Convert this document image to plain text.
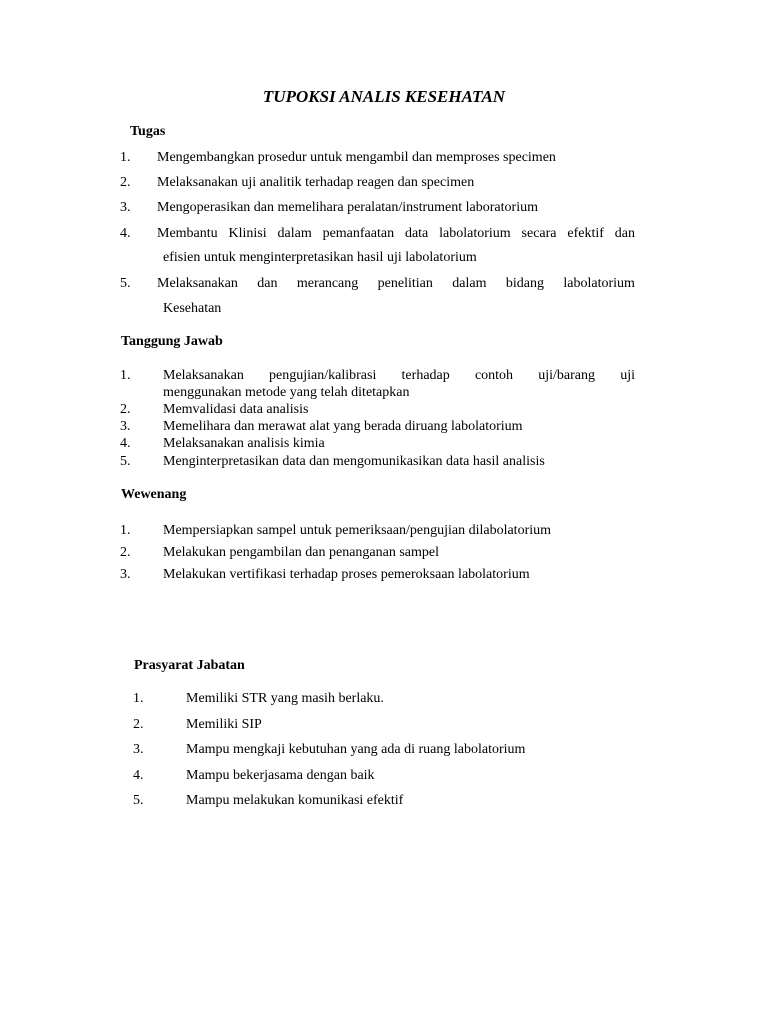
TUPOKSI ANALIS KESEHATAN
Tugas
1. Mengembangkan prosedur untuk mengambil dan memproses specimen
2. Melaksanakan uji analitik terhadap reagen dan specimen
3. Mengoperasikan dan memelihara peralatan/instrument laboratorium
4. Membantu Klinisi dalam pemanfaatan data labolatorium secara efektif dan
efisien untuk menginterpretasikan hasil uji labolatorium
5. Melaksanakan dan merancang penelitian dalam bidang labolatorium
Kesehatan
Tanggung Jawab
1. Melaksanakan pengujian/kalibrasi terhadap contoh uji/barang uji
menggunakan metode yang telah ditetapkan
2. Memvalidasi data analisis
3. Memelihara dan merawat alat yang berada diruang labolatorium
4. Melaksanakan analisis kimia
5. Menginterpretasikan data dan mengomunikasikan data hasil analisis
Wewenang
1. Mempersiapkan sampel untuk pemeriksaan/pengujian dilabolatorium
2. Melakukan pengambilan dan penanganan sampel
3. Melakukan vertifikasi terhadap proses pemeroksaan labolatorium
Prasyarat Jabatan
1.	Memiliki STR yang masih berlaku.
2.	Memiliki SIP
3.	Mampu mengkaji kebutuhan yang ada di ruang labolatorium
4.	Mampu bekerjasama dengan baik
5.	Mampu melakukan komunikasi efektif
